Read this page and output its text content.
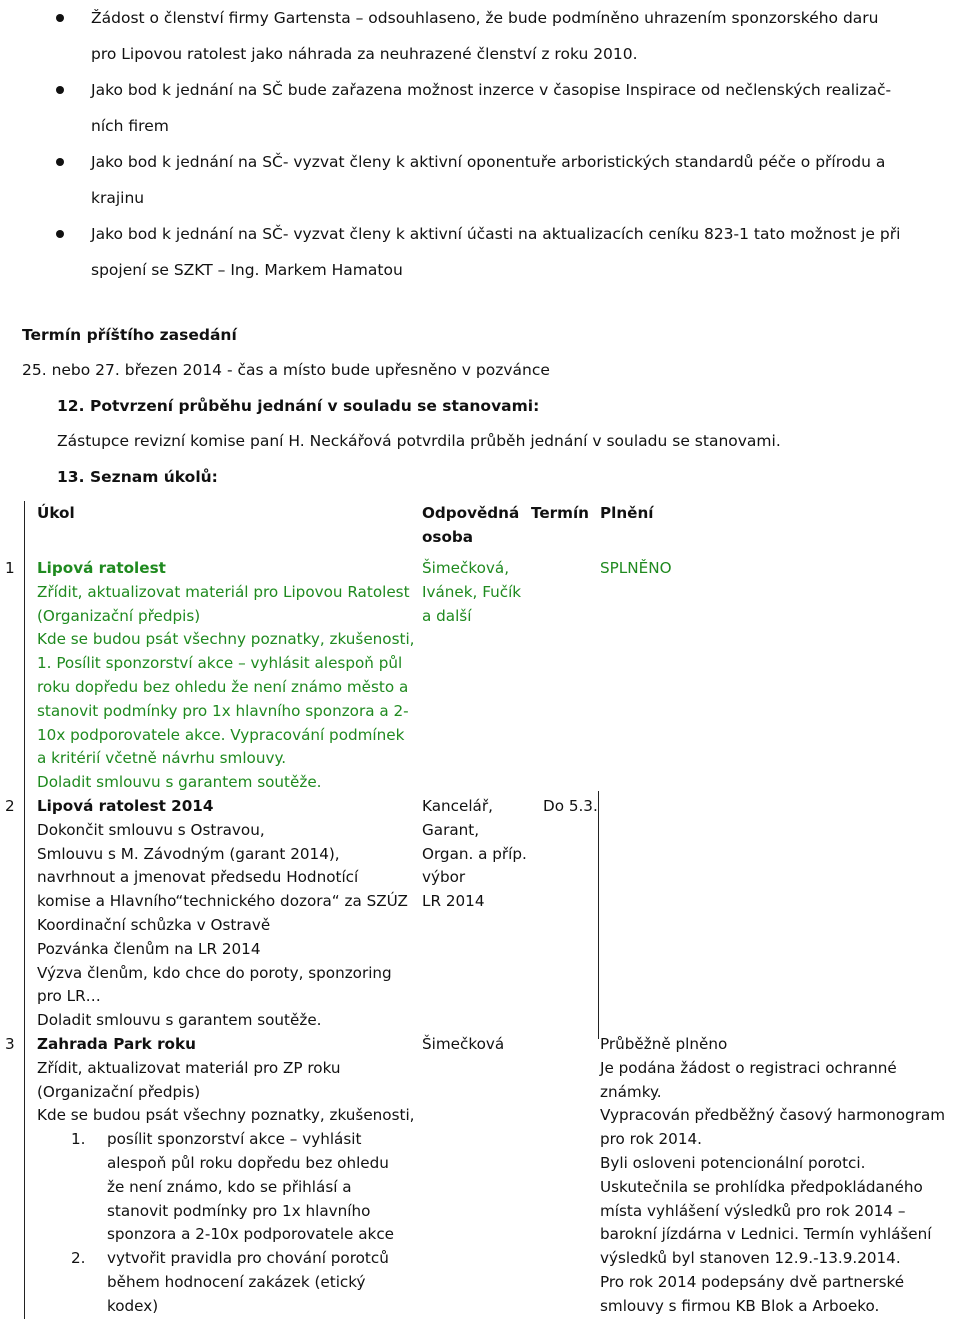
Žádost o členství firmy Gartensta – odsouhlaseno, že bude podmíněno uhrazením sponzorského daru
pro Lipovou ratolest jako náhrada za neuhrazené členství z roku 2010.
Jako bod k jednání na SČ bude zařazena možnost inzerce v časopise Inspirace od nečlenských realizač-
ních firem
Jako bod k jednání na SČ- vyzvat členy k aktivní oponentuře arboristických standardů péče o přírodu a
krajinu
Jako bod k jednání na SČ- vyzvat členy k aktivní účasti na aktualizacích ceníku 823-1 tato možnost je při
spojení se SZKT – Ing. Markem Hamatou
Termín příštího zasedání
25. nebo 27. březen 2014 - čas a místo bude upřesněno v pozvánce
12. Potvrzení průběhu jednání v souladu se stanovami:
Zástupce revizní komise paní H. Neckářová potvrdila průběh jednání v souladu se stanovami.
13. Seznam úkolů:
Úkol	Odpovědná
osoba
Termín Plnění
1 Lipová ratolest
Zřídit, aktualizovat materiál pro Lipovou Ratolest
(Organizační předpis)
Kde se budou psát všechny poznatky, zkušenosti,
1. Posílit sponzorství akce – vyhlásit alespoň půl
roku dopředu bez ohledu že není známo město a
stanovit podmínky pro 1x hlavního sponzora a 2-
10x podporovatele akce. Vypracování podmínek
a kritérií včetně návrhu smlouvy.
Doladit smlouvu s garantem soutěže.
Šimečková,
Ivánek, Fučík
a další
SPLNĚNO
2 Lipová ratolest 2014
Dokončit smlouvu s Ostravou,
Smlouvu s M. Závodným (garant 2014),
navrhnout a jmenovat předsedu Hodnotící
komise a Hlavního“technického dozora“ za SZÚZ
Koordinační schůzka v Ostravě
Pozvánka členům na LR 2014
Výzva členům, kdo chce do poroty, sponzoring
pro LR…
Doladit smlouvu s garantem soutěže.
Kancelář,
Garant,
Organ. a příp.
výbor
LR 2014
Do 5.3.
3 Zahrada Park roku
Zřídit, aktualizovat materiál pro ZP roku
(Organizační předpis)
Kde se budou psát všechny poznatky, zkušenosti,
1. posílit sponzorství akce – vyhlásit
alespoň půl roku dopředu bez ohledu
že není známo, kdo se přihlásí a
stanovit podmínky pro 1x hlavního
sponzora a 2-10x podporovatele akce
2. vytvořit pravidla pro chování porotců
během hodnocení zakázek (etický
kodex)
Šimečková	Průběžně plněno
Je podána žádost o registraci ochranné
známky.
Vypracován předběžný časový harmonogram
pro rok 2014.
Byli osloveni potencionální porotci.
Uskutečnila se prohlídka předpokládaného
místa vyhlášení výsledků pro rok 2014 –
barokní jízdárna v Lednici. Termín vyhlášení
výsledků byl stanoven 12.9.-13.9.2014.
Pro rok 2014 podepsány dvě partnerské
smlouvy s firmou KB Blok a Arboeko.
